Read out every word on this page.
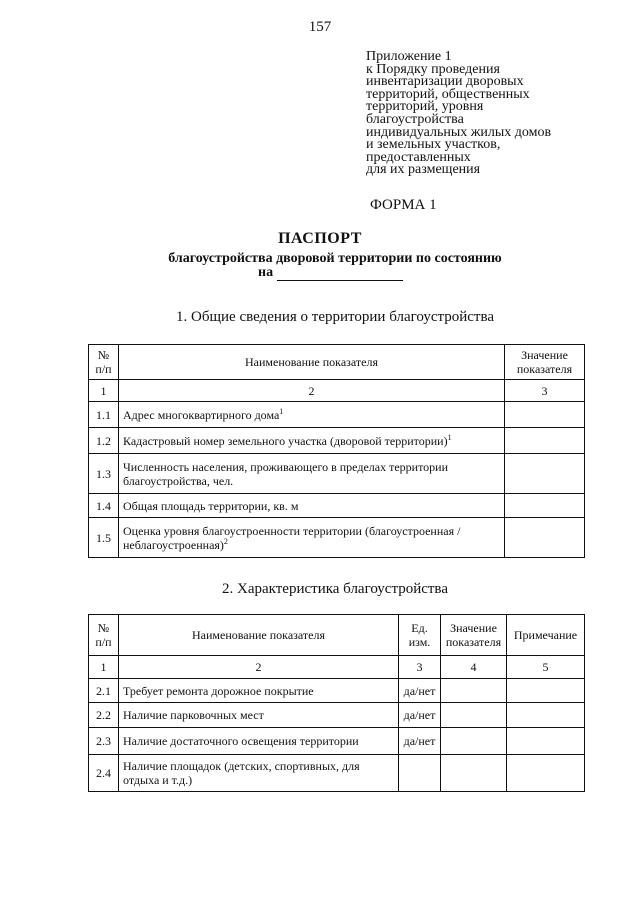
157
Приложение 1
к Порядку проведения
инвентаризации дворовых
территорий, общественных
территорий, уровня
благоустройства
индивидуальных жилых домов
и земельных участков,
предоставленных
для их размещения
ФОРМА 1
ПАСПОРТ
благоустройства дворовой территории по состоянию
на
1. Общие сведения о территории благоустройства
№ п/п	Наименование показателя	Значение показателя
1	2	3
1.1	Адрес многоквартирного дома$^1$	
1.2	Кадастровый номер земельного участка (дворовой территории)$^1$	
1.3	Численность населения, проживающего в пределах территории благоустройства, чел.	
1.4	Общая площадь территории, кв. м	
1.5	Оценка уровня благоустроенности территории (благоустроенная / неблагоустроенная)$^2$	
2. Характеристика благоустройства
№ п/п	Наименование показателя	Ед. изм.	Значение показателя	Примечание
1	2	3	4	5
2.1	Требует ремонта дорожное покрытие	да/нет		
2.2	Наличие парковочных мест	да/нет		
2.3	Наличие достаточного освещения территории	да/нет		
2.4	Наличие площадок (детских, спортивных, для отдыха и т.д.)			
